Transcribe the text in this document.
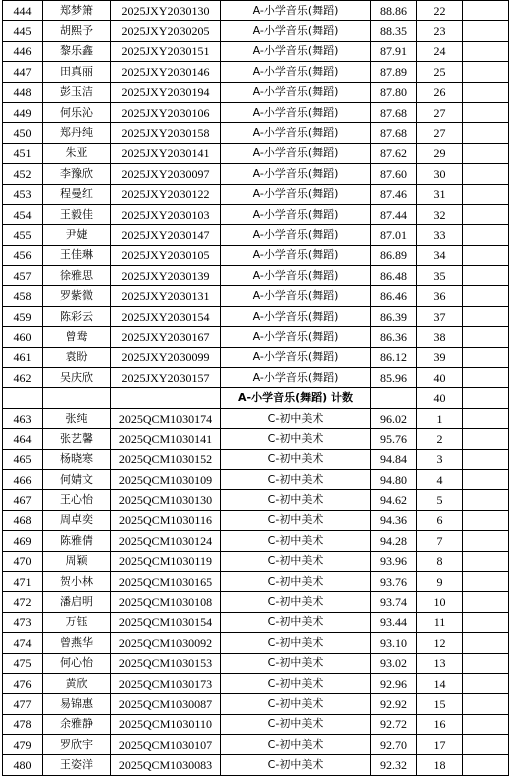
444	郑梦箫	2025JXY2030130	A-小学音乐(舞蹈)	88.86	22	
445	胡熙予	2025JXY2030205	A-小学音乐(舞蹈)	88.35	23	
446	黎乐鑫	2025JXY2030151	A-小学音乐(舞蹈)	87.91	24	
447	田真丽	2025JXY2030146	A-小学音乐(舞蹈)	87.89	25	
448	彭玉洁	2025JXY2030194	A-小学音乐(舞蹈)	87.80	26	
449	何乐沁	2025JXY2030106	A-小学音乐(舞蹈)	87.68	27	
450	郑丹纯	2025JXY2030158	A-小学音乐(舞蹈)	87.68	27	
451	朱亚	2025JXY2030141	A-小学音乐(舞蹈)	87.62	29	
452	李豫欣	2025JXY2030097	A-小学音乐(舞蹈)	87.60	30	
453	程曼红	2025JXY2030122	A-小学音乐(舞蹈)	87.46	31	
454	王毅佳	2025JXY2030103	A-小学音乐(舞蹈)	87.44	32	
455	尹婕	2025JXY2030147	A-小学音乐(舞蹈)	87.01	33	
456	王佳琳	2025JXY2030105	A-小学音乐(舞蹈)	86.89	34	
457	徐雅思	2025JXY2030139	A-小学音乐(舞蹈)	86.48	35	
458	罗紫微	2025JXY2030131	A-小学音乐(舞蹈)	86.46	36	
459	陈彩云	2025JXY2030154	A-小学音乐(舞蹈)	86.39	37	
460	曾鸯	2025JXY2030167	A-小学音乐(舞蹈)	86.36	38	
461	袁盼	2025JXY2030099	A-小学音乐(舞蹈)	86.12	39	
462	吴庆欣	2025JXY2030157	A-小学音乐(舞蹈)	85.96	40	
			A-小学音乐(舞蹈) 计数		40	
463	张纯	2025QCM1030174	C-初中美术	96.02	1	
464	张艺馨	2025QCM1030141	C-初中美术	95.76	2	
465	杨晓寒	2025QCM1030152	C-初中美术	94.84	3	
466	何婧文	2025QCM1030109	C-初中美术	94.80	4	
467	王心怡	2025QCM1030130	C-初中美术	94.62	5	
468	周卓奕	2025QCM1030116	C-初中美术	94.36	6	
469	陈雅倩	2025QCM1030124	C-初中美术	94.28	7	
470	周颖	2025QCM1030119	C-初中美术	93.96	8	
471	贺小林	2025QCM1030165	C-初中美术	93.76	9	
472	潘启明	2025QCM1030108	C-初中美术	93.74	10	
473	万钰	2025QCM1030154	C-初中美术	93.44	11	
474	曾燕华	2025QCM1030092	C-初中美术	93.10	12	
475	何心怡	2025QCM1030153	C-初中美术	93.02	13	
476	黄欣	2025QCM1030173	C-初中美术	92.96	14	
477	易锦惠	2025QCM1030087	C-初中美术	92.92	15	
478	余雅静	2025QCM1030110	C-初中美术	92.72	16	
479	罗欣宇	2025QCM1030107	C-初中美术	92.70	17	
480	王姿洋	2025QCM1030083	C-初中美术	92.32	18	
